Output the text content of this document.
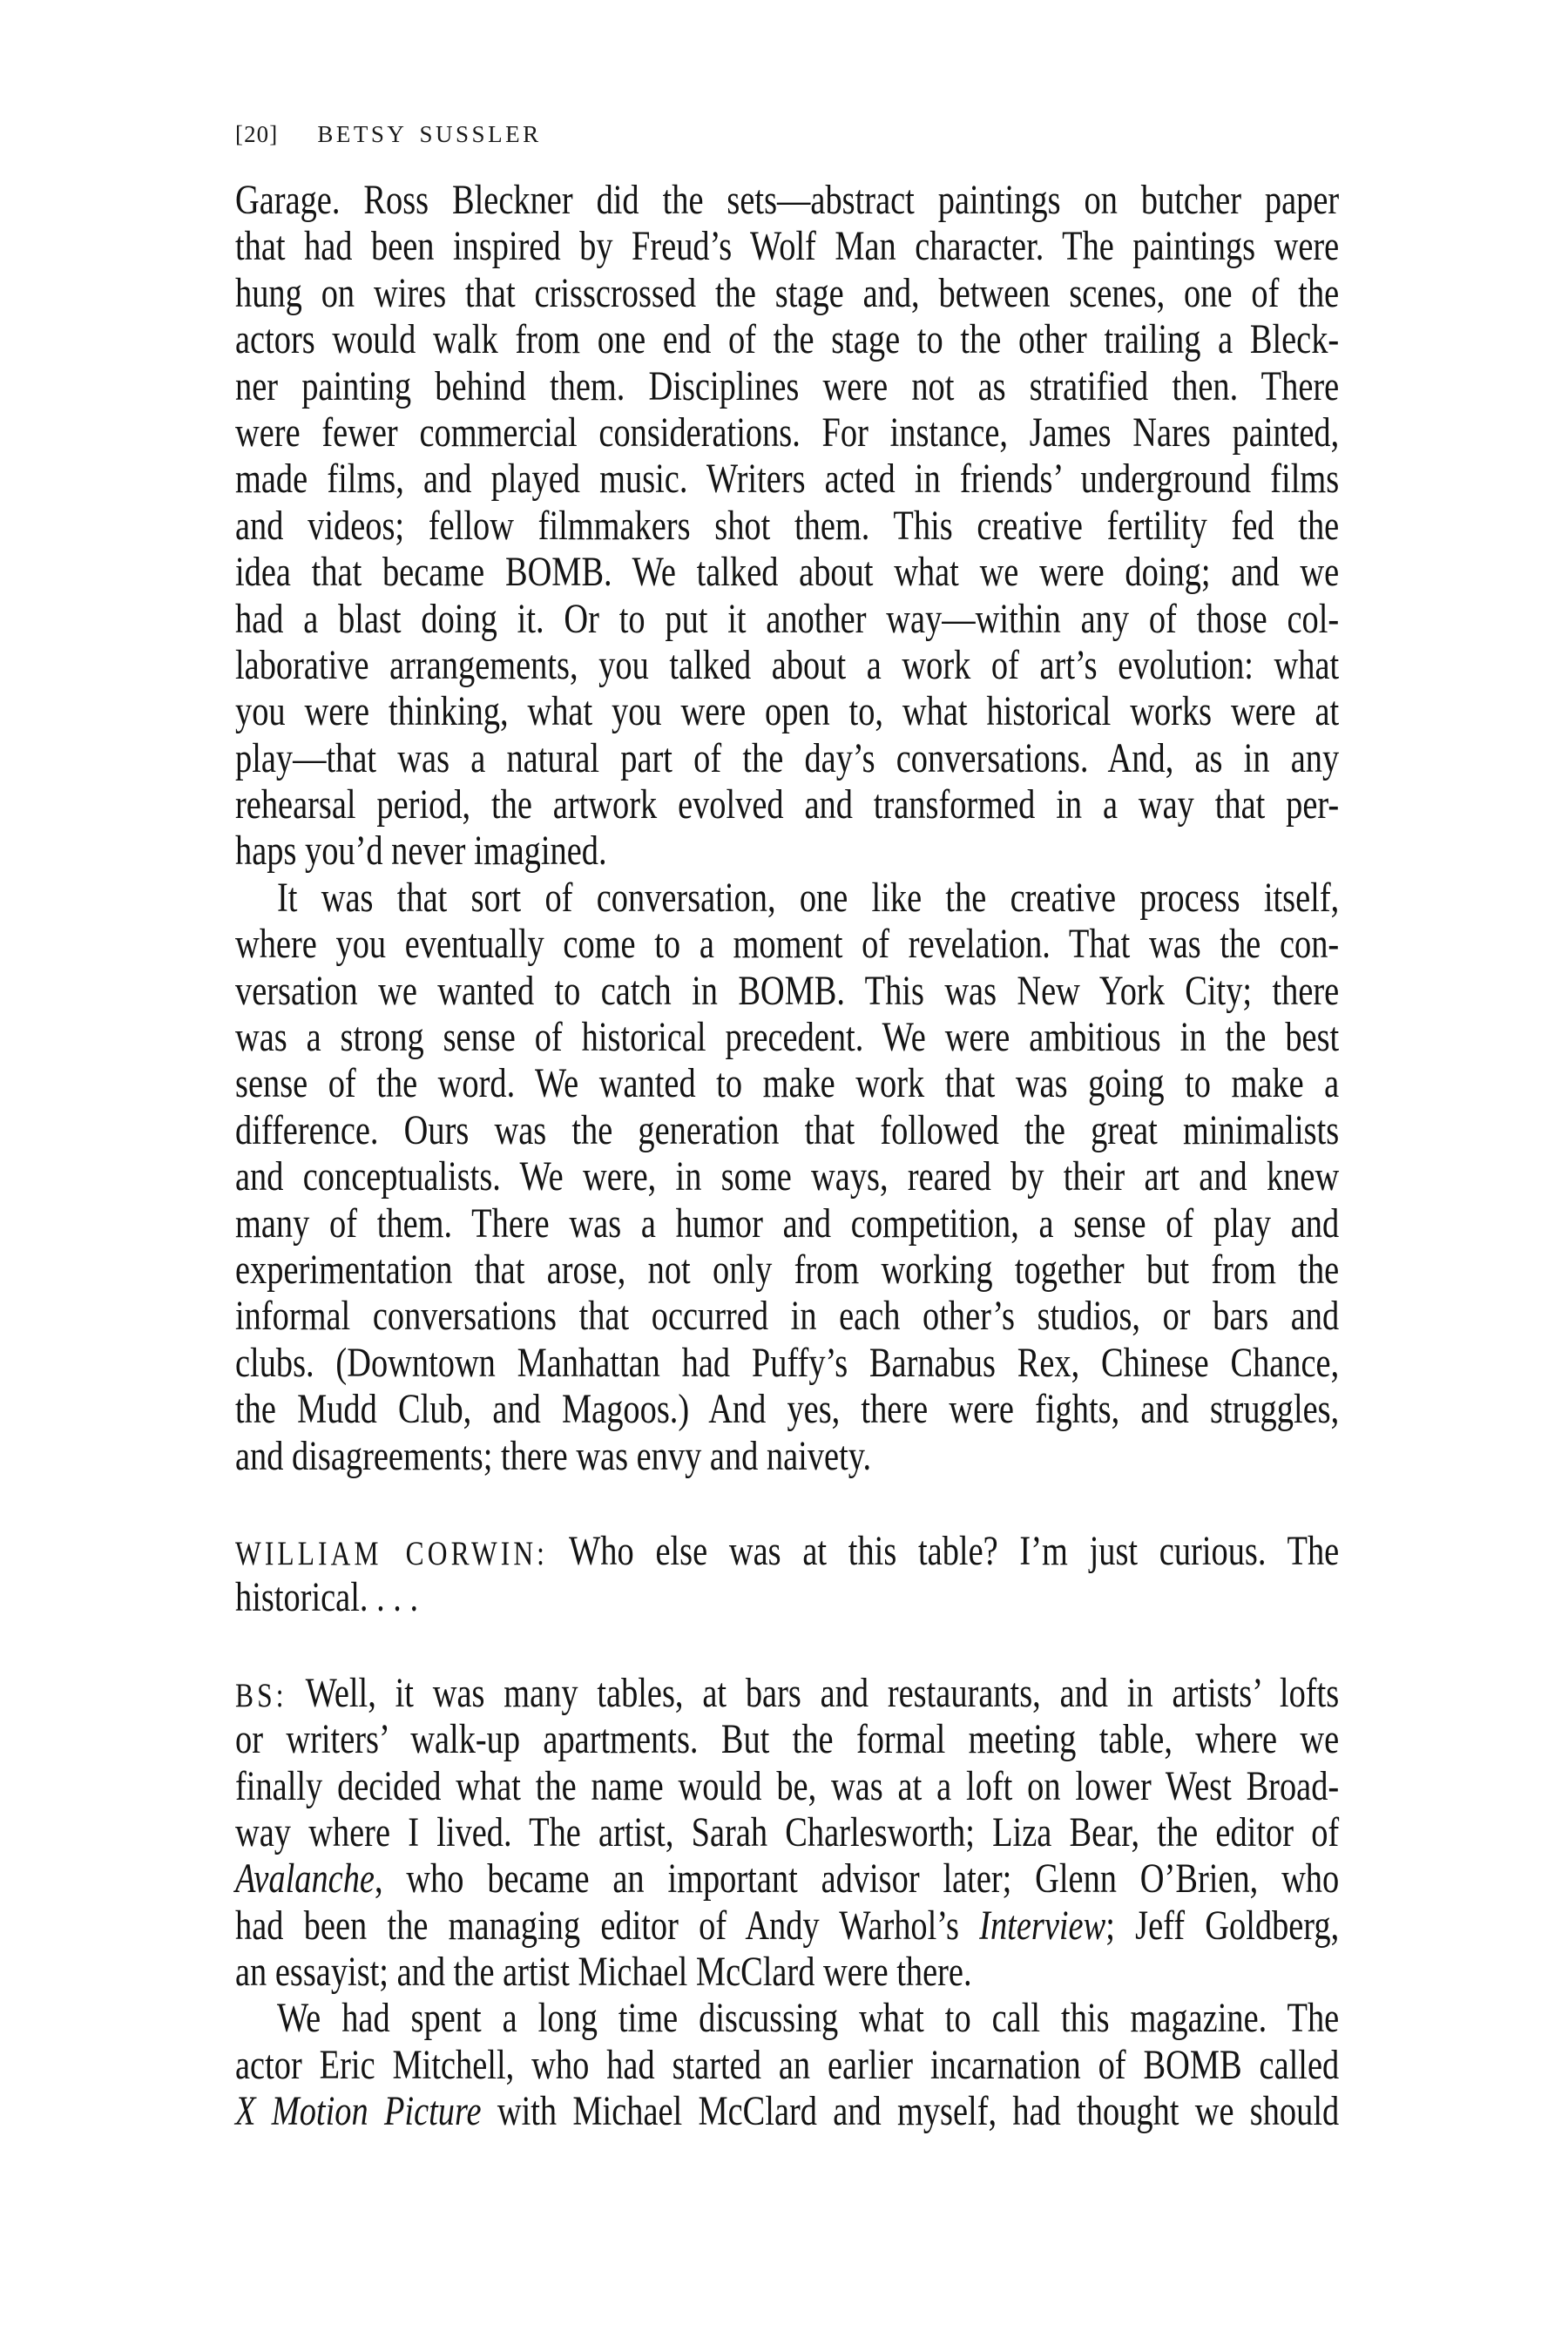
[20] BETSY SUSSLER
Garage. Ross Bleckner did the sets—abstract paintings on butcher paper
that had been inspired by Freud’s Wolf Man character. The paintings were
hung on wires that crisscrossed the stage and, between scenes, one of the
actors would walk from one end of the stage to the other trailing a Bleck-
ner painting behind them. Disciplines were not as stratified then. There
were fewer commercial considerations. For instance, James Nares painted,
made films, and played music. Writers acted in friends’ underground films
and videos; fellow filmmakers shot them. This creative fertility fed the
idea that became BOMB. We talked about what we were doing; and we
had a blast doing it. Or to put it another way—within any of those col-
laborative arrangements, you talked about a work of art’s evolution: what
you were thinking, what you were open to, what historical works were at
play—that was a natural part of the day’s conversations. And, as in any
rehearsal period, the artwork evolved and transformed in a way that per-
haps you’d never imagined.
It was that sort of conversation, one like the creative process itself,
where you eventually come to a moment of revelation. That was the con-
versation we wanted to catch in BOMB. This was New York City; there
was a strong sense of historical precedent. We were ambitious in the best
sense of the word. We wanted to make work that was going to make a
difference. Ours was the generation that followed the great minimalists
and conceptualists. We were, in some ways, reared by their art and knew
many of them. There was a humor and competition, a sense of play and
experimentation that arose, not only from working together but from the
informal conversations that occurred in each other’s studios, or bars and
clubs. (Downtown Manhattan had Puffy’s Barnabus Rex, Chinese Chance,
the Mudd Club, and Magoos.) And yes, there were fights, and struggles,
and disagreements; there was envy and naivety.
WILLIAM CORWIN: Who else was at this table? I’m just curious. The
historical. . . .
BS: Well, it was many tables, at bars and restaurants, and in artists’ lofts
or writers’ walk-up apartments. But the formal meeting table, where we
finally decided what the name would be, was at a loft on lower West Broad-
way where I lived. The artist, Sarah Charlesworth; Liza Bear, the editor of
Avalanche, who became an important advisor later; Glenn O’Brien, who
had been the managing editor of Andy Warhol’s Interview; Jeff Goldberg,
an essayist; and the artist Michael McClard were there.
We had spent a long time discussing what to call this magazine. The
actor Eric Mitchell, who had started an earlier incarnation of BOMB called
X Motion Picture with Michael McClard and myself, had thought we should
